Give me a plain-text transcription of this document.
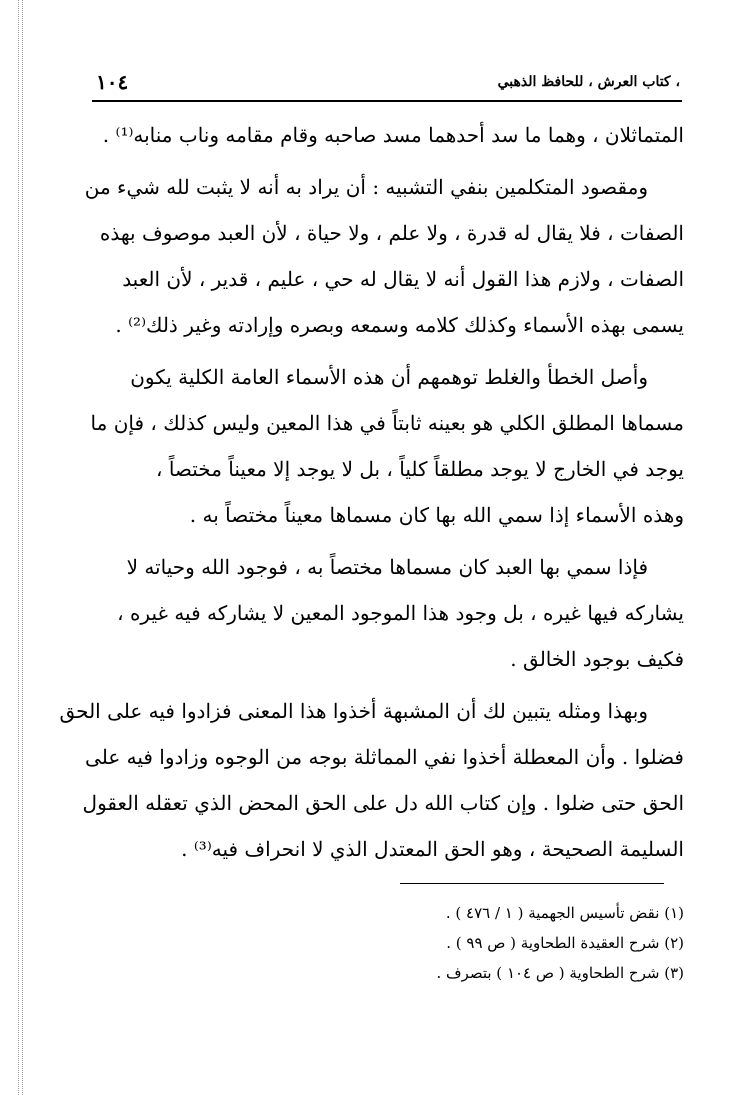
، كتاب العرش ، للحافظ الذهبي
١٠٤

المتماثلان ، وهما ما سد أحدهما مسد صاحبه وقام مقامه وناب منابه⁽¹⁾ .

ومقصود المتكلمين بنفي التشبيه : أن يراد به أنه لا يثبت لله شيء من
الصفات ، فلا يقال له قدرة ، ولا علم ، ولا حياة ، لأن العبد موصوف بهذه
الصفات ، ولازم هذا القول أنه لا يقال له حي ، عليم ، قدير ، لأن العبد
يسمى بهذه الأسماء وكذلك كلامه وسمعه وبصره وإرادته وغير ذلك⁽²⁾ .

وأصل الخطأ والغلط توهمهم أن هذه الأسماء العامة الكلية يكون
مسماها المطلق الكلي هو بعينه ثابتاً في هذا المعين وليس كذلك ، فإن ما
يوجد في الخارج لا يوجد مطلقاً كلياً ، بل لا يوجد إلا معيناً مختصاً ،
وهذه الأسماء إذا سمي الله بها كان مسماها معيناً مختصاً به .

فإذا سمي بها العبد كان مسماها مختصاً به ، فوجود الله وحياته لا
يشاركه فيها غيره ، بل وجود هذا الموجود المعين لا يشاركه فيه غيره ،
فكيف بوجود الخالق .

وبهذا ومثله يتبين لك أن المشبهة أخذوا هذا المعنى فزادوا فيه على الحق
فضلوا . وأن المعطلة أخذوا نفي المماثلة بوجه من الوجوه وزادوا فيه على
الحق حتى ضلوا . وإن كتاب الله دل على الحق المحض الذي تعقله العقول
السليمة الصحيحة ، وهو الحق المعتدل الذي لا انحراف فيه⁽³⁾ .

(١) نقض تأسيس الجهمية ( ١ / ٤٧٦ ) .
(٢) شرح العقيدة الطحاوية ( ص ٩٩ ) .
(٣) شرح الطحاوية ( ص ١٠٤ ) بتصرف .
